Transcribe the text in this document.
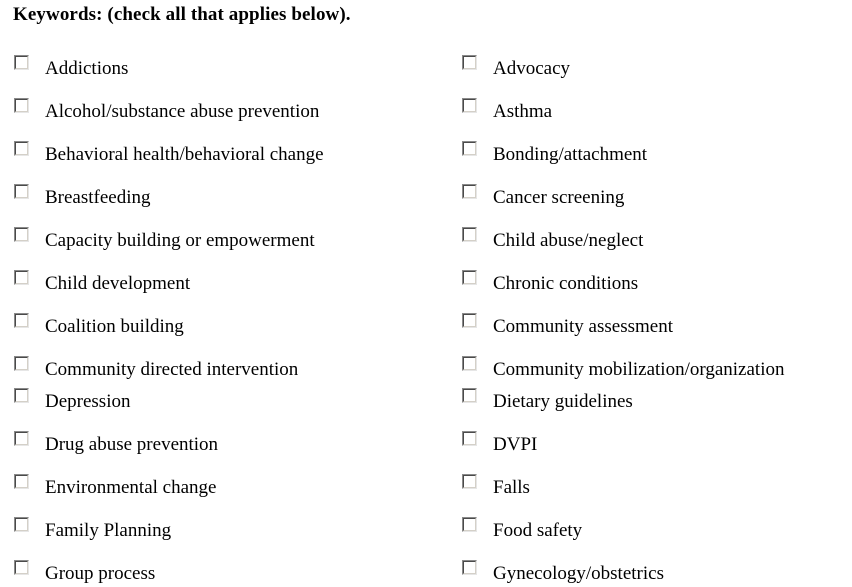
Keywords: (check all that applies below).
Addictions
Alcohol/substance abuse prevention
Behavioral health/behavioral change
Breastfeeding
Capacity building or empowerment
Child development
Coalition building
Community directed intervention
Depression
Drug abuse prevention
Environmental change
Family Planning
Group process
Advocacy
Asthma
Bonding/attachment
Cancer screening
Child abuse/neglect
Chronic conditions
Community assessment
Community mobilization/organization
Dietary guidelines
DVPI
Falls
Food safety
Gynecology/obstetrics
